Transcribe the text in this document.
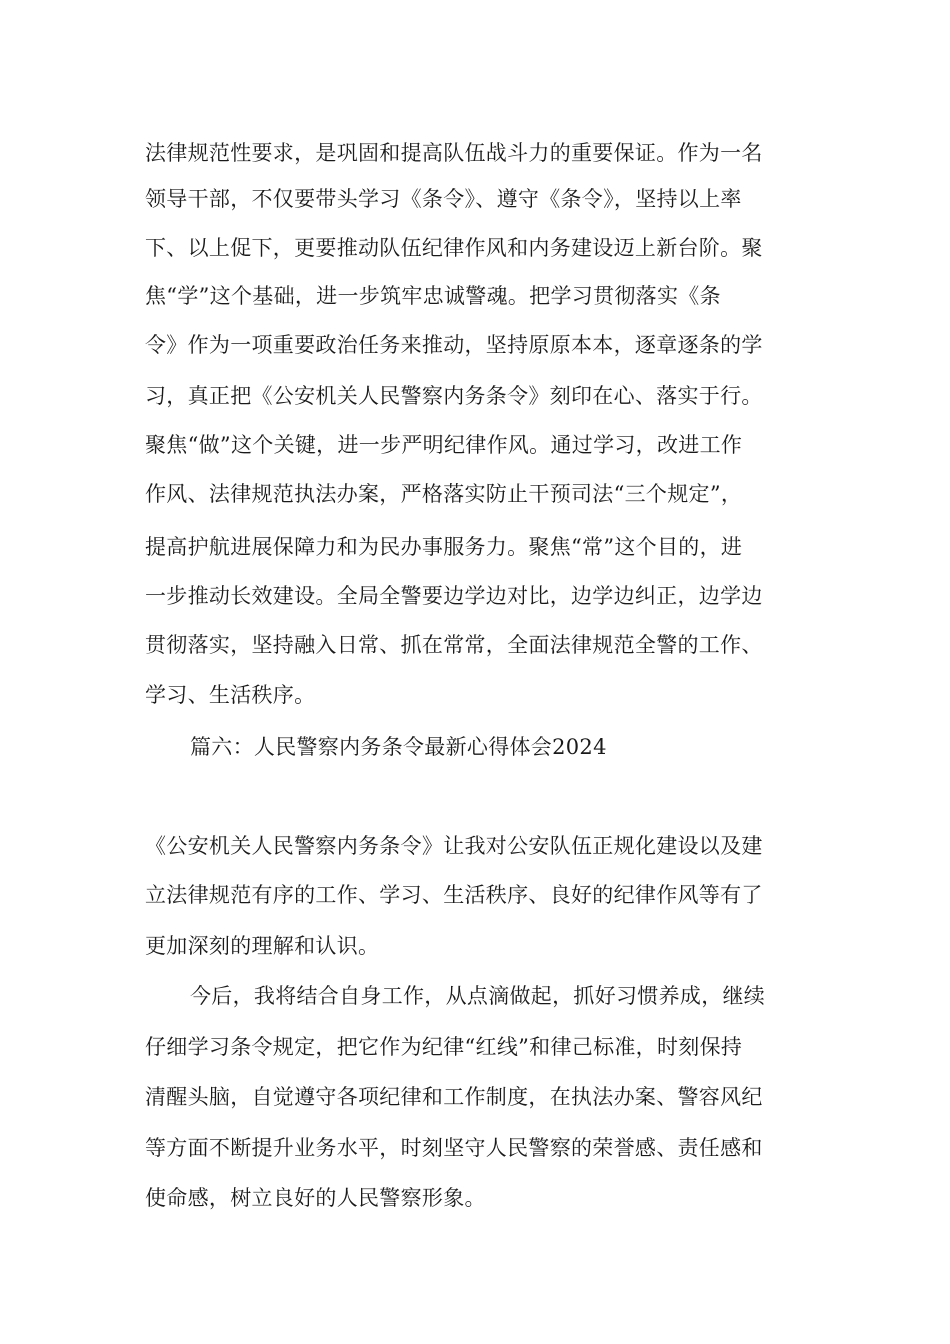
法律规范性要求，是巩固和提高队伍战斗力的重要保证。作为一名
领导干部，不仅要带头学习《条令》、遵守《条令》，坚持以上率
下、以上促下，更要推动队伍纪律作风和内务建设迈上新台阶。聚
焦“学”这个基础，进一步筑牢忠诚警魂。把学习贯彻落实《条
令》作为一项重要政治任务来推动，坚持原原本本，逐章逐条的学
习，真正把《公安机关人民警察内务条令》刻印在心、落实于行。
聚焦“做”这个关键，进一步严明纪律作风。通过学习，改进工作
作风、法律规范执法办案，严格落实防止干预司法“三个规定”，
提高护航进展保障力和为民办事服务力。聚焦“常”这个目的，进
一步推动长效建设。全局全警要边学边对比，边学边纠正，边学边
贯彻落实，坚持融入日常、抓在常常，全面法律规范全警的工作、
学习、生活秩序。
篇六：人民警察内务条令最新心得体会2024
《公安机关人民警察内务条令》让我对公安队伍正规化建设以及建
立法律规范有序的工作、学习、生活秩序、良好的纪律作风等有了
更加深刻的理解和认识。
今后，我将结合自身工作，从点滴做起，抓好习惯养成，继续
仔细学习条令规定，把它作为纪律“红线”和律己标准，时刻保持
清醒头脑，自觉遵守各项纪律和工作制度，在执法办案、警容风纪
等方面不断提升业务水平，时刻坚守人民警察的荣誉感、责任感和
使命感，树立良好的人民警察形象。
